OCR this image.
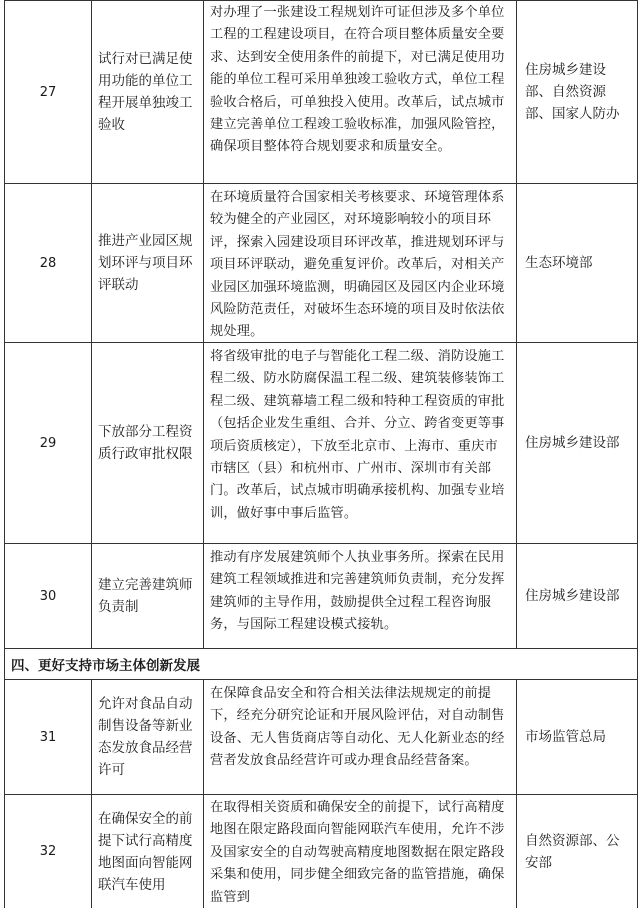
27
试行对已满足使用功能的单位工程开展单独竣工验收
对办理了一张建设工程规划许可证但涉及多个单位工程的工程建设项目，在符合项目整体质量安全要求、达到安全使用条件的前提下，对已满足使用功能的单位工程可采用单独竣工验收方式，单位工程验收合格后，可单独投入使用。改革后，试点城市建立完善单位工程竣工验收标准，加强风险管控，确保项目整体符合规划要求和质量安全。
住房城乡建设部、自然资源部、国家人防办
28
推进产业园区规划环评与项目环评联动
在环境质量符合国家相关考核要求、环境管理体系较为健全的产业园区，对环境影响较小的项目环评，探索入园建设项目环评改革，推进规划环评与项目环评联动，避免重复评价。改革后，对相关产业园区加强环境监测，明确园区及园区内企业环境风险防范责任，对破坏生态环境的项目及时依法依规处理。
生态环境部
29
下放部分工程资质行政审批权限
将省级审批的电子与智能化工程二级、消防设施工程二级、防水防腐保温工程二级、建筑装修装饰工程二级、建筑幕墙工程二级和特种工程资质的审批（包括企业发生重组、合并、分立、跨省变更等事项后资质核定），下放至北京市、上海市、重庆市市辖区（县）和杭州市、广州市、深圳市有关部门。改革后，试点城市明确承接机构、加强专业培训，做好事中事后监管。
住房城乡建设部
30
建立完善建筑师负责制
推动有序发展建筑师个人执业事务所。探索在民用建筑工程领域推进和完善建筑师负责制，充分发挥建筑师的主导作用，鼓励提供全过程工程咨询服务，与国际工程建设模式接轨。
住房城乡建设部
四、更好支持市场主体创新发展
31
允许对食品自动制售设备等新业态发放食品经营许可
在保障食品安全和符合相关法律法规规定的前提下，经充分研究论证和开展风险评估，对自动制售设备、无人售货商店等自动化、无人化新业态的经营者发放食品经营许可或办理食品经营备案。
市场监管总局
32
在确保安全的前提下试行高精度地图面向智能网联汽车使用
在取得相关资质和确保安全的前提下，试行高精度地图在限定路段面向智能网联汽车使用，允许不涉及国家安全的自动驾驶高精度地图数据在限定路段采集和使用，同步健全细致完备的监管措施，确保监管到
自然资源部、公安部
